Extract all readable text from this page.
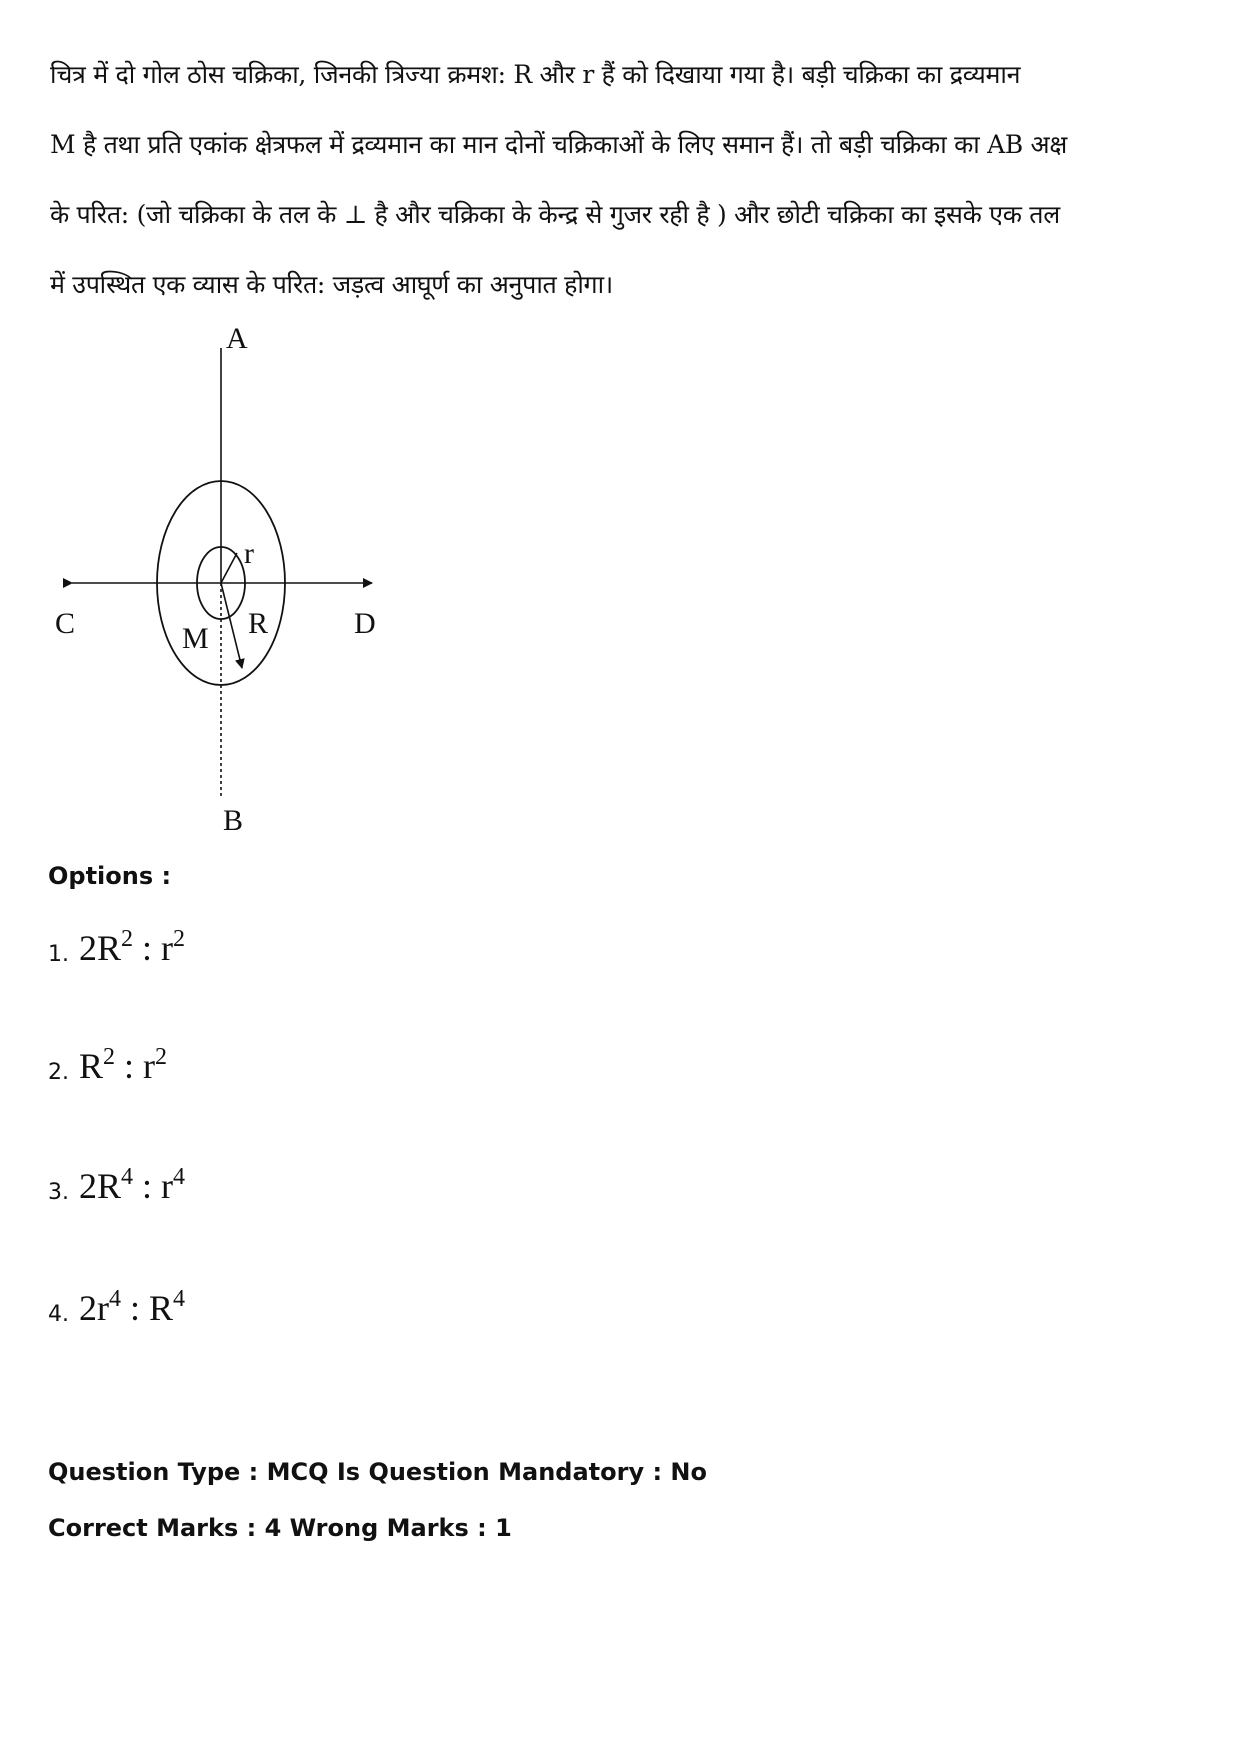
चित्र में दो गोल ठोस चक्रिका, जिनकी त्रिज्या क्रमश: R और r हैं को दिखाया गया है। बड़ी चक्रिका का द्रव्यमान
M है तथा प्रति एकांक क्षेत्रफल में द्रव्यमान का मान दोनों चक्रिकाओं के लिए समान हैं। तो बड़ी चक्रिका का AB अक्ष
के परित: (जो चक्रिका के तल के ⊥ है और चक्रिका के केन्द्र से गुजर रही है ) और छोटी चक्रिका का इसके एक तल
में उपस्थित एक व्यास के परित: जड़त्व आघूर्ण का अनुपात होगा।
A
B
C	D
r
R
M

Options :

1. $2R^2$ : $r^2$
2. $R^2$ : $r^2$
3. $2R^4$ : $r^4$
4. $2r^4$ : $R^4$

Question Type : MCQ Is Question Mandatory : No

Correct Marks : 4 Wrong Marks : 1
